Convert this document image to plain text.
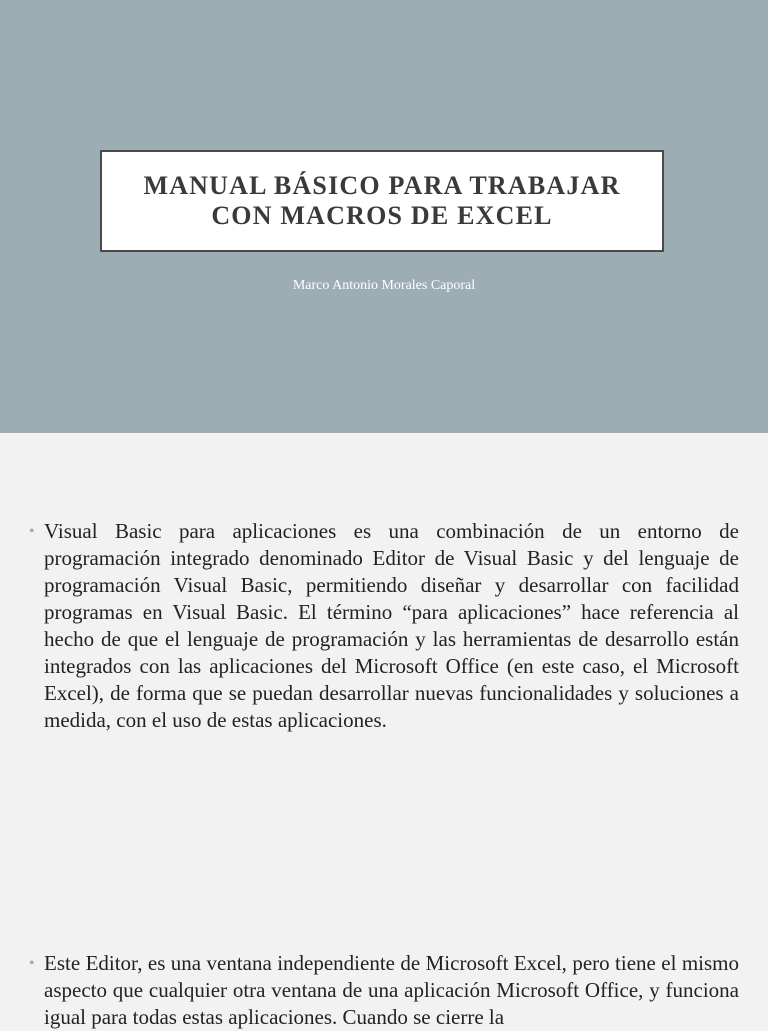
MANUAL BÁSICO PARA TRABAJAR CON MACROS DE EXCEL
Marco Antonio Morales Caporal
• Visual Basic para aplicaciones es una combinación de un entorno de programación integrado denominado Editor de Visual Basic y del lenguaje de programación Visual Basic, permitiendo diseñar y desarrollar con facilidad programas en Visual Basic. El término “para aplicaciones” hace referencia al hecho de que el lenguaje de programación y las herramientas de desarrollo están integrados con las aplicaciones del Microsoft Office (en este caso, el Microsoft Excel), de forma que se puedan desarrollar nuevas funcionalidades y soluciones a medida, con el uso de estas aplicaciones.

• Este Editor, es una ventana independiente de Microsoft Excel, pero tiene el mismo aspecto que cualquier otra ventana de una aplicación Microsoft Office, y funciona igual para todas estas aplicaciones. Cuando se cierre la
